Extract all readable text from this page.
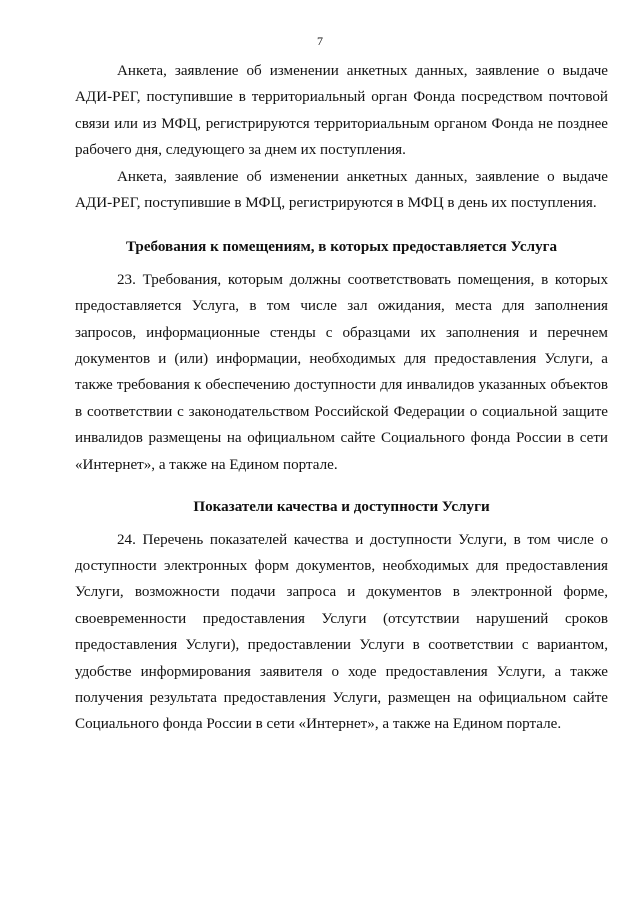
7

Анкета, заявление об изменении анкетных данных, заявление о выдаче АДИ-РЕГ, поступившие в территориальный орган Фонда посредством почтовой связи или из МФЦ, регистрируются территориальным органом Фонда не позднее рабочего дня, следующего за днем их поступления.

Анкета, заявление об изменении анкетных данных, заявление о выдаче АДИ-РЕГ, поступившие в МФЦ, регистрируются в МФЦ в день их поступления.

Требования к помещениям, в которых предоставляется Услуга

23. Требования, которым должны соответствовать помещения, в которых предоставляется Услуга, в том числе зал ожидания, места для заполнения запросов, информационные стенды с образцами их заполнения и перечнем документов и (или) информации, необходимых для предоставления Услуги, а также требования к обеспечению доступности для инвалидов указанных объектов в соответствии с законодательством Российской Федерации о социальной защите инвалидов размещены на официальном сайте Социального фонда России в сети «Интернет», а также на Едином портале.

Показатели качества и доступности Услуги

24. Перечень показателей качества и доступности Услуги, в том числе о доступности электронных форм документов, необходимых для предоставления Услуги, возможности подачи запроса и документов в электронной форме, своевременности предоставления Услуги (отсутствии нарушений сроков предоставления Услуги), предоставлении Услуги в соответствии с вариантом, удобстве информирования заявителя о ходе предоставления Услуги, а также получения результата предоставления Услуги, размещен на официальном сайте Социального фонда России в сети «Интернет», а также на Едином портале.
